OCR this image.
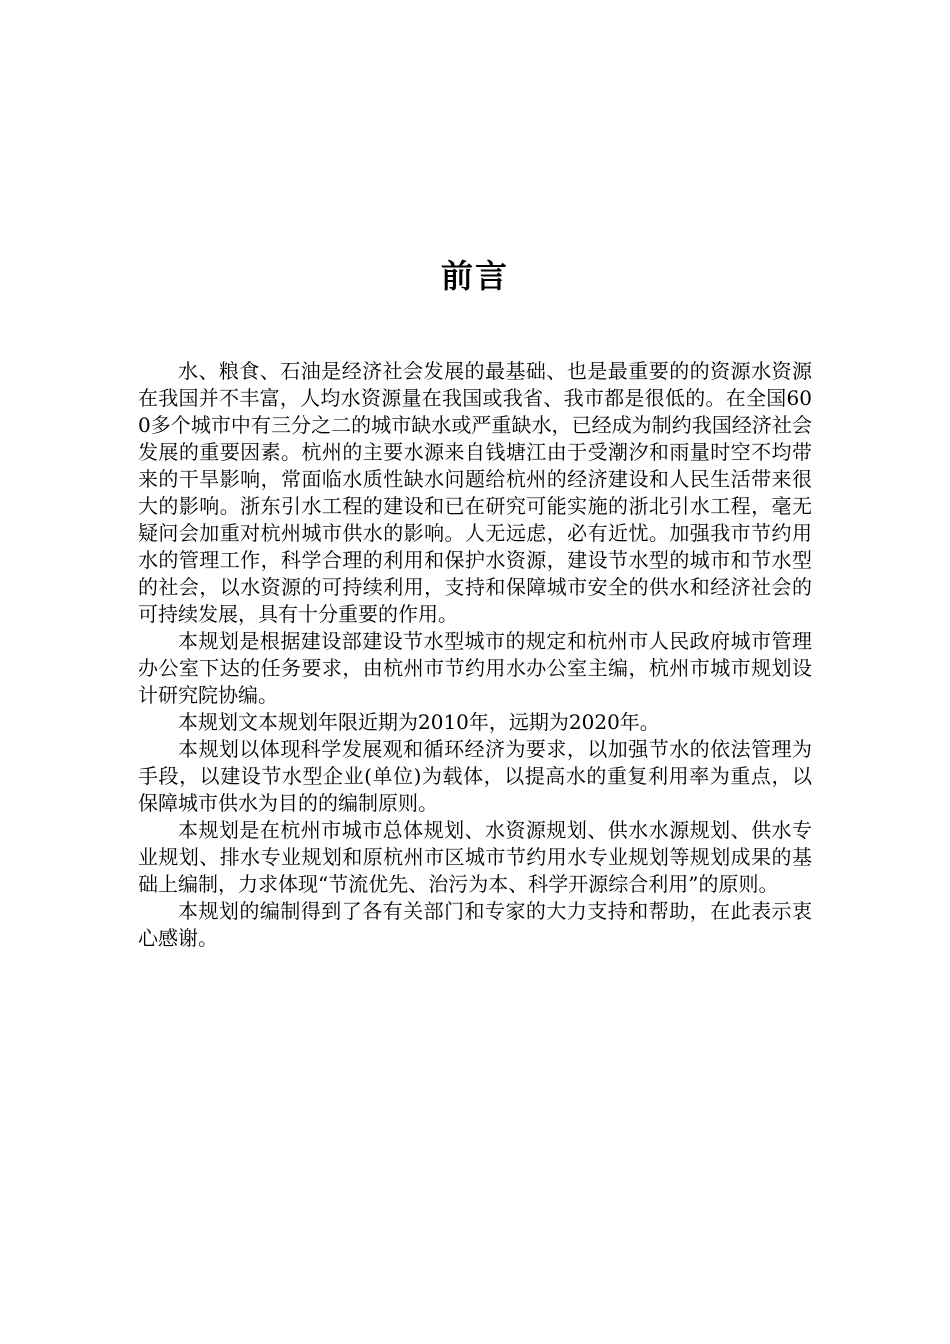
前言

水、粮食、石油是经济社会发展的最基础、也是最重要的的资源水资源在我国并不丰富，人均水资源量在我国或我省、我市都是很低的。在全国600多个城市中有三分之二的城市缺水或严重缺水，已经成为制约我国经济社会发展的重要因素。杭州的主要水源来自钱塘江由于受潮汐和雨量时空不均带来的干旱影响，常面临水质性缺水问题给杭州的经济建设和人民生活带来很大的影响。浙东引水工程的建设和已在研究可能实施的浙北引水工程，毫无疑问会加重对杭州城市供水的影响。人无远虑，必有近忧。加强我市节约用水的管理工作，科学合理的利用和保护水资源，建设节水型的城市和节水型的社会，以水资源的可持续利用，支持和保障城市安全的供水和经济社会的可持续发展，具有十分重要的作用。

本规划是根据建设部建设节水型城市的规定和杭州市人民政府城市管理办公室下达的任务要求，由杭州市节约用水办公室主编，杭州市城市规划设计研究院协编。

本规划文本规划年限近期为2010年，远期为2020年。

本规划以体现科学发展观和循环经济为要求，以加强节水的依法管理为手段，以建设节水型企业(单位)为载体，以提高水的重复利用率为重点，以保障城市供水为目的的编制原则。

本规划是在杭州市城市总体规划、水资源规划、供水水源规划、供水专业规划、排水专业规划和原杭州市区城市节约用水专业规划等规划成果的基础上编制，力求体现“节流优先、治污为本、科学开源综合利用”的原则。

本规划的编制得到了各有关部门和专家的大力支持和帮助，在此表示衷心感谢。
